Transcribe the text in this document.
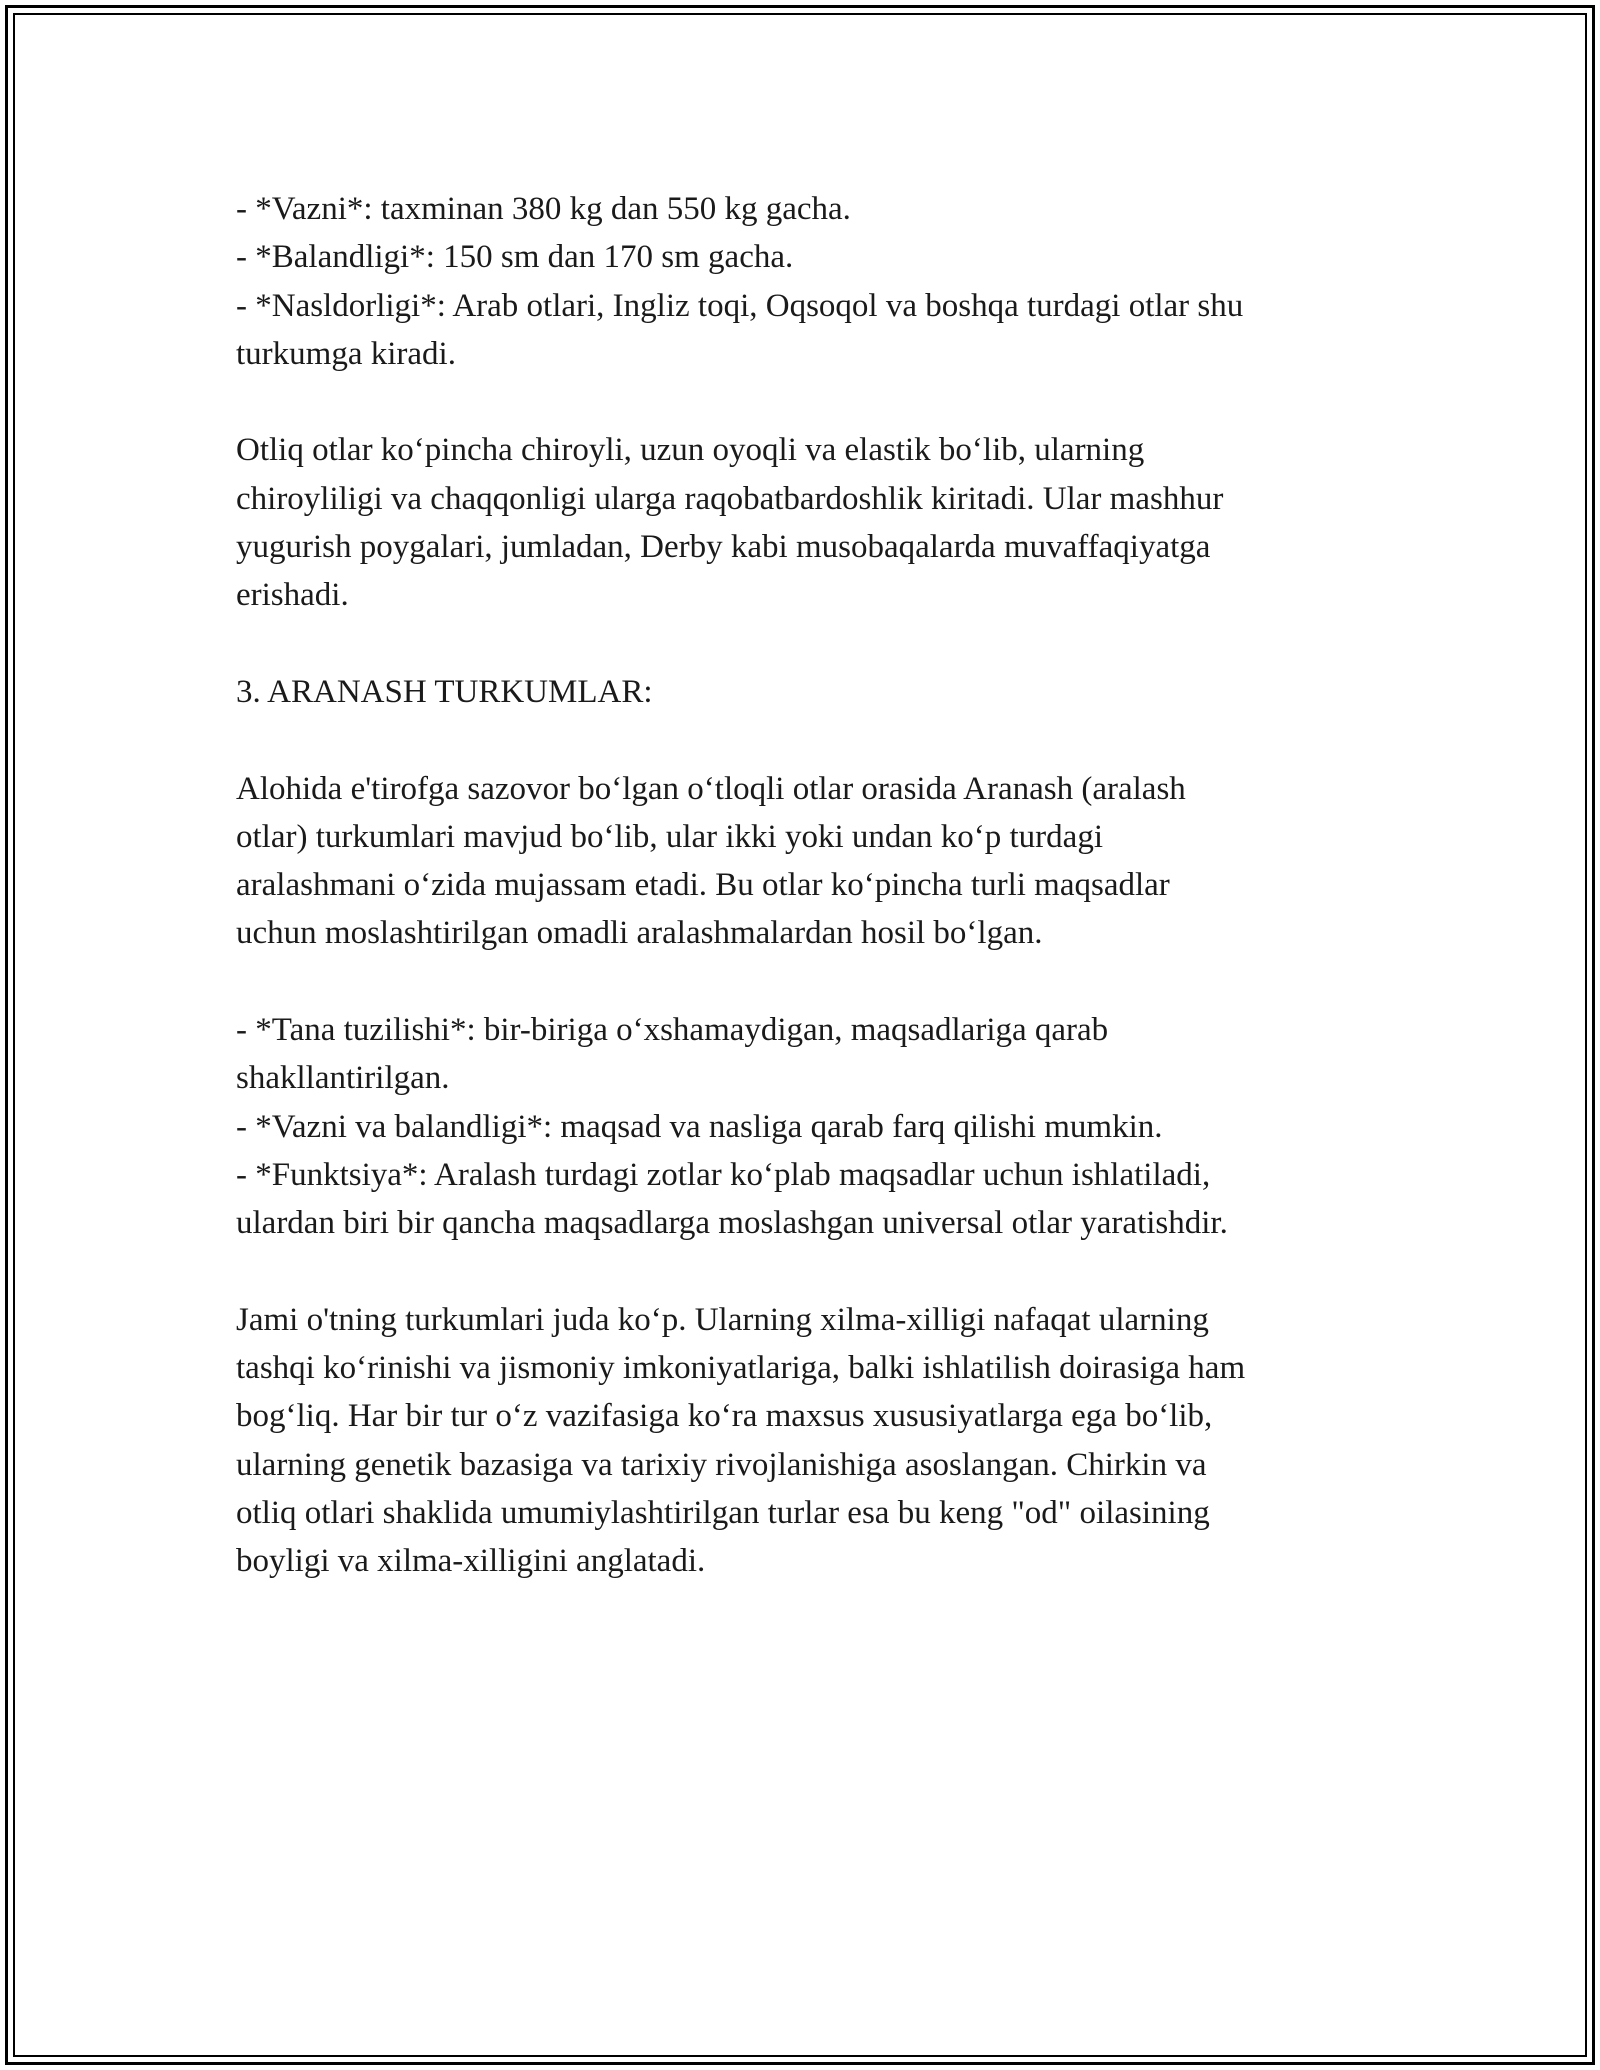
- *Vazni*: taxminan 380 kg dan 550 kg gacha.
- *Balandligi*: 150 sm dan 170 sm gacha.
- *Nasldorligi*: Arab otlari, Ingliz toqi, Oqsoqol va boshqa turdagi otlar shu
turkumga kiradi.
Otliq otlar ko‘pincha chiroyli, uzun oyoqli va elastik bo‘lib, ularning
chiroyliligi va chaqqonligi ularga raqobatbardoshlik kiritadi. Ular mashhur
yugurish poygalari, jumladan, Derby kabi musobaqalarda muvaffaqiyatga
erishadi.
3. ARANASH TURKUMLAR:
Alohida e'tirofga sazovor bo‘lgan o‘tloqli otlar orasida Aranash (aralash
otlar) turkumlari mavjud bo‘lib, ular ikki yoki undan ko‘p turdagi
aralashmani o‘zida mujassam etadi. Bu otlar ko‘pincha turli maqsadlar
uchun moslashtirilgan omadli aralashmalardan hosil bo‘lgan.
- *Tana tuzilishi*: bir-biriga o‘xshamaydigan, maqsadlariga qarab
shakllantirilgan.
- *Vazni va balandligi*: maqsad va nasliga qarab farq qilishi mumkin.
- *Funktsiya*: Aralash turdagi zotlar ko‘plab maqsadlar uchun ishlatiladi,
ulardan biri bir qancha maqsadlarga moslashgan universal otlar yaratishdir.
Jami o'tning turkumlari juda ko‘p. Ularning xilma-xilligi nafaqat ularning
tashqi ko‘rinishi va jismoniy imkoniyatlariga, balki ishlatilish doirasiga ham
bog‘liq. Har bir tur o‘z vazifasiga ko‘ra maxsus xususiyatlarga ega bo‘lib,
ularning genetik bazasiga va tarixiy rivojlanishiga asoslangan. Chirkin va
otliq otlari shaklida umumiylashtirilgan turlar esa bu keng "od" oilasining
boyligi va xilma-xilligini anglatadi.
